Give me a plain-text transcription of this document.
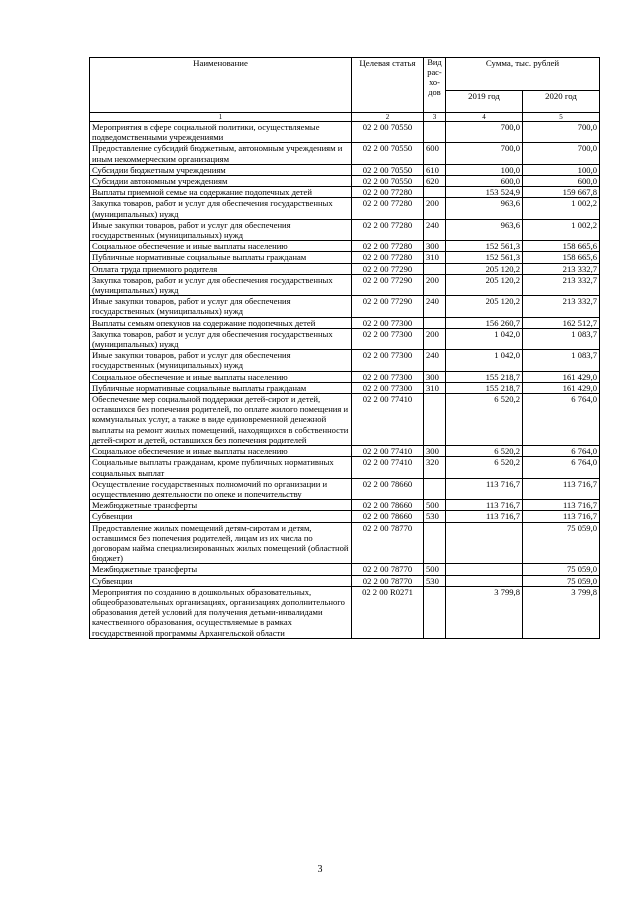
Наименование	Целевая статья	Вид рас- хо- дов	Сумма, тыс. рублей	
			2019 год	2020 год
1	2	3	4	5
Мероприятия в сфере социальной политики, осуществляемые подведомственными учреждениями	02 2 00 70550		700,0	700,0
Предоставление субсидий бюджетным, автономным учреждениям и иным некоммерческим организациям	02 2 00 70550	600	700,0	700,0
Субсидии бюджетным учреждениям	02 2 00 70550	610	100,0	100,0
Субсидии автономным учреждениям	02 2 00 70550	620	600,0	600,0
Выплаты приемной семье на содержание подопечных детей	02 2 00 77280		153 524,9	159 667,8
Закупка товаров, работ и услуг для обеспечения государственных (муниципальных) нужд	02 2 00 77280	200	963,6	1 002,2
Иные закупки товаров, работ и услуг для обеспечения государственных (муниципальных) нужд	02 2 00 77280	240	963,6	1 002,2
Социальное обеспечение и иные выплаты населению	02 2 00 77280	300	152 561,3	158 665,6
Публичные нормативные социальные выплаты гражданам	02 2 00 77280	310	152 561,3	158 665,6
Оплата труда приемного родителя	02 2 00 77290		205 120,2	213 332,7
Закупка товаров, работ и услуг для обеспечения государственных (муниципальных) нужд	02 2 00 77290	200	205 120,2	213 332,7
Иные закупки товаров, работ и услуг для обеспечения государственных (муниципальных) нужд	02 2 00 77290	240	205 120,2	213 332,7
Выплаты семьям опекунов на содержание подопечных детей	02 2 00 77300		156 260,7	162 512,7
Закупка товаров, работ и услуг для обеспечения государственных (муниципальных) нужд	02 2 00 77300	200	1 042,0	1 083,7
Иные закупки товаров, работ и услуг для обеспечения государственных (муниципальных) нужд	02 2 00 77300	240	1 042,0	1 083,7
Социальное обеспечение и иные выплаты населению	02 2 00 77300	300	155 218,7	161 429,0
Публичные нормативные социальные выплаты гражданам	02 2 00 77300	310	155 218,7	161 429,0
Обеспечение мер социальной поддержки детей-сирот и детей, оставшихся без попечения родителей, по оплате жилого помещения и коммунальных услуг, а также в виде единовременной денежной выплаты на ремонт жилых помещений, находящихся в собственности детей-сирот и детей, оставшихся без попечения родителей	02 2 00 77410		6 520,2	6 764,0
Социальное обеспечение и иные выплаты населению	02 2 00 77410	300	6 520,2	6 764,0
Социальные выплаты гражданам, кроме публичных нормативных социальных выплат	02 2 00 77410	320	6 520,2	6 764,0
Осуществление государственных полномочий по организации и осуществлению деятельности по опеке и попечительству	02 2 00 78660		113 716,7	113 716,7
Межбюджетные трансферты	02 2 00 78660	500	113 716,7	113 716,7
Субвенции	02 2 00 78660	530	113 716,7	113 716,7
Предоставление жилых помещений детям-сиротам и детям, оставшимся без попечения родителей, лицам из их числа по договорам найма специализированных жилых помещений (областной бюджет)	02 2 00 78770			75 059,0
Межбюджетные трансферты	02 2 00 78770	500		75 059,0
Субвенции	02 2 00 78770	530		75 059,0
Мероприятия по созданию в дошкольных образовательных, общеобразовательных организациях, организациях дополнительного образования детей условий для получения детьми-инвалидами качественного образования, осуществляемые в рамках государственной программы Архангельской области	02 2 00 R0271		3 799,8	3 799,8
3
